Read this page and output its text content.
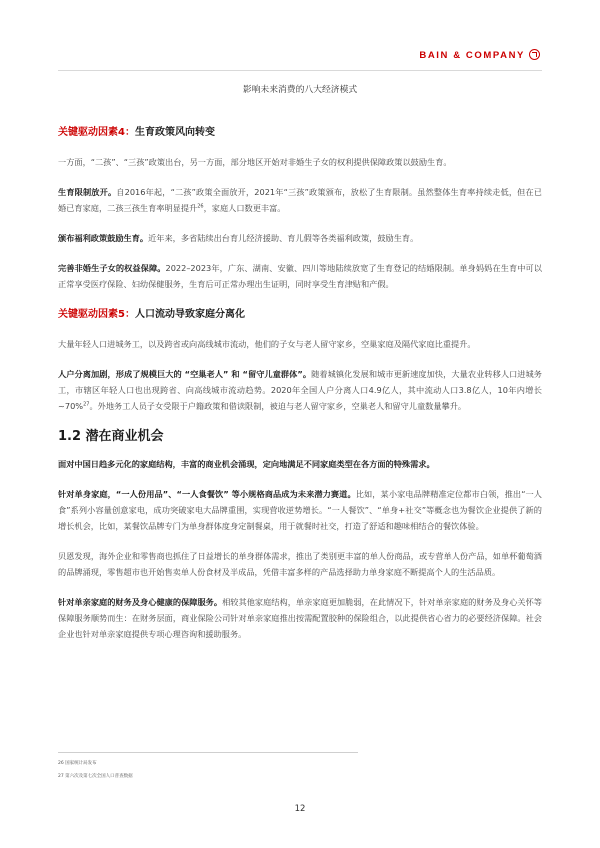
BAIN & COMPANY
影响未来消费的八大经济模式
关键驱动因素4：生育政策风向转变

一方面，“二孩”、“三孩”政策出台，另一方面，部分地区开始对非婚生子女的权利提供保障政策以鼓励生育。

生育限制放开。自2016年起，“二孩”政策全面放开，2021年“三孩”政策颁布，放松了生育限制。虽然整体生育率持续走低，但在已婚已育家庭，二孩三孩生育率明显提升$^{26}$，家庭人口数更丰富。

颁布福利政策鼓励生育。近年来，多省陆续出台育儿经济援助、育儿假等各类福利政策，鼓励生育。

完善非婚生子女的权益保障。2022–2023年，广东、湖南、安徽、四川等地陆续放宽了生育登记的结婚限制。单身妈妈在生育中可以正常享受医疗保险、妇幼保健服务，生育后可正常办理出生证明，同时享受生育津贴和产假。

关键驱动因素5：人口流动导致家庭分离化

大量年轻人口进城务工，以及跨省或向高线城市流动，他们的子女与老人留守家乡，空巢家庭及隔代家庭比重提升。

人户分离加剧，形成了规模巨大的 “空巢老人” 和 “留守儿童群体”。随着城镇化发展和城市更新速度加快，大量农业转移人口进城务工，市辖区年轻人口也出现跨省、向高线城市流动趋势。2020年全国人户分离人口4.9亿人，其中流动人口3.8亿人，10年内增长~70%$^{27}$。外地务工人员子女受限于户籍政策和借读限制，被迫与老人留守家乡，空巢老人和留守儿童数量攀升。

1.2 潜在商业机会

面对中国日趋多元化的家庭结构，丰富的商业机会涌现，定向地满足不同家庭类型在各方面的特殊需求。

针对单身家庭，“一人份用品”、“一人食餐饮” 等小规格商品成为未来潜力赛道。比如，某小家电品牌精准定位都市白领，推出“一人食”系列小容量创意家电，成功突破家电大品牌重围，实现营收逆势增长。“一人餐饮”、“单身+社交”等概念也为餐饮企业提供了新的增长机会，比如，某餐饮品牌专门为单身群体度身定制餐桌，用于就餐时社交，打造了舒适和趣味相结合的餐饮体验。

贝恩发现，海外企业和零售商也抓住了日益增长的单身群体需求，推出了类别更丰富的单人份商品，或专营单人份产品，如单杯葡萄酒的品牌涌现，零售超市也开始售卖单人份食材及半成品，凭借丰富多样的产品选择助力单身家庭不断提高个人的生活品质。

针对单亲家庭的财务及身心健康的保障服务。相较其他家庭结构，单亲家庭更加脆弱，在此情况下，针对单亲家庭的财务及身心关怀等保障服务顺势而生：在财务层面，商业保险公司针对单亲家庭推出按需配置胶种的保险组合，以此提供省心省力的必要经济保障。社会企业也针对单亲家庭提供专项心理咨询和援助服务。

26 国家统计局发布
27 第六次及第七次全国人口普查数据
12
